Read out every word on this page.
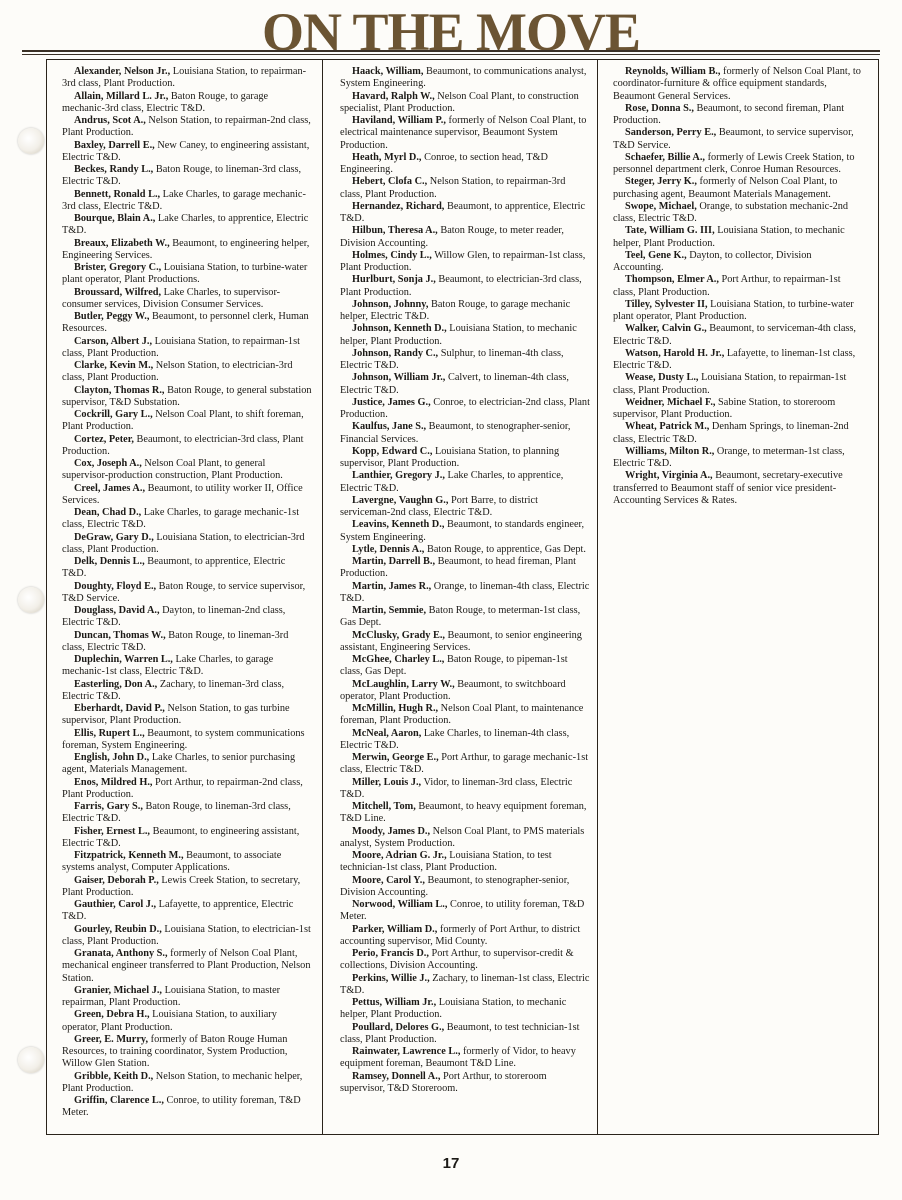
ON THE MOVE

Alexander, Nelson Jr., Louisiana Station, to repairman-3rd class, Plant Production.

Allain, Millard L. Jr., Baton Rouge, to garage mechanic-3rd class, Electric T&D.

Andrus, Scot A., Nelson Station, to repairman-2nd class, Plant Production.

Baxley, Darrell E., New Caney, to engineering assistant, Electric T&D.

Beckes, Randy L., Baton Rouge, to lineman-3rd class, Electric T&D.

Bennett, Ronald L., Lake Charles, to garage mechanic-3rd class, Electric T&D.

Bourque, Blain A., Lake Charles, to apprentice, Electric T&D.

Breaux, Elizabeth W., Beaumont, to engineering helper, Engineering Services.

Brister, Gregory C., Louisiana Station, to turbine-water plant operator, Plant Productions.

Broussard, Wilfred, Lake Charles, to supervisor-consumer services, Division Consumer Services.

Butler, Peggy W., Beaumont, to personnel clerk, Human Resources.

Carson, Albert J., Louisiana Station, to repairman-1st class, Plant Production.

Clarke, Kevin M., Nelson Station, to electrician-3rd class, Plant Production.

Clayton, Thomas R., Baton Rouge, to general substation supervisor, T&D Substation.

Cockrill, Gary L., Nelson Coal Plant, to shift foreman, Plant Production.

Cortez, Peter, Beaumont, to electrician-3rd class, Plant Production.

Cox, Joseph A., Nelson Coal Plant, to general supervisor-production construction, Plant Production.

Creel, James A., Beaumont, to utility worker II, Office Services.

Dean, Chad D., Lake Charles, to garage mechanic-1st class, Electric T&D.

DeGraw, Gary D., Louisiana Station, to electrician-3rd class, Plant Production.

Delk, Dennis L., Beaumont, to apprentice, Electric T&D.

Doughty, Floyd E., Baton Rouge, to service supervisor, T&D Service.

Douglass, David A., Dayton, to lineman-2nd class, Electric T&D.

Duncan, Thomas W., Baton Rouge, to lineman-3rd class, Electric T&D.

Duplechin, Warren L., Lake Charles, to garage mechanic-1st class, Electric T&D.

Easterling, Don A., Zachary, to lineman-3rd class, Electric T&D.

Eberhardt, David P., Nelson Station, to gas turbine supervisor, Plant Production.

Ellis, Rupert L., Beaumont, to system communications foreman, System Engineering.

English, John D., Lake Charles, to senior purchasing agent, Materials Management.

Enos, Mildred H., Port Arthur, to repairman-2nd class, Plant Production.

Farris, Gary S., Baton Rouge, to lineman-3rd class, Electric T&D.

Fisher, Ernest L., Beaumont, to engineering assistant, Electric T&D.

Fitzpatrick, Kenneth M., Beaumont, to associate systems analyst, Computer Applications.

Gaiser, Deborah P., Lewis Creek Station, to secretary, Plant Production.

Gauthier, Carol J., Lafayette, to apprentice, Electric T&D.

Gourley, Reubin D., Louisiana Station, to electrician-1st class, Plant Production.

Granata, Anthony S., formerly of Nelson Coal Plant, mechanical engineer transferred to Plant Production, Nelson Station.

Granier, Michael J., Louisiana Station, to master repairman, Plant Production.

Green, Debra H., Louisiana Station, to auxiliary operator, Plant Production.

Greer, E. Murry, formerly of Baton Rouge Human Resources, to training coordinator, System Production, Willow Glen Station.

Gribble, Keith D., Nelson Station, to mechanic helper, Plant Production.

Griffin, Clarence L., Conroe, to utility foreman, T&D Meter.

Haack, William, Beaumont, to communications analyst, System Engineering.

Havard, Ralph W., Nelson Coal Plant, to construction specialist, Plant Production.

Haviland, William P., formerly of Nelson Coal Plant, to electrical maintenance supervisor, Beaumont System Production.

Heath, Myrl D., Conroe, to section head, T&D Engineering.

Hebert, Clofa C., Nelson Station, to repairman-3rd class, Plant Production.

Hernandez, Richard, Beaumont, to apprentice, Electric T&D.

Hilbun, Theresa A., Baton Rouge, to meter reader, Division Accounting.

Holmes, Cindy L., Willow Glen, to repairman-1st class, Plant Production.

Hurlburt, Sonja J., Beaumont, to electrician-3rd class, Plant Production.

Johnson, Johnny, Baton Rouge, to garage mechanic helper, Electric T&D.

Johnson, Kenneth D., Louisiana Station, to mechanic helper, Plant Production.

Johnson, Randy C., Sulphur, to lineman-4th class, Electric T&D.

Johnson, William Jr., Calvert, to lineman-4th class, Electric T&D.

Justice, James G., Conroe, to electrician-2nd class, Plant Production.

Kaulfus, Jane S., Beaumont, to stenographer-senior, Financial Services.

Kopp, Edward C., Louisiana Station, to planning supervisor, Plant Production.

Lanthier, Gregory J., Lake Charles, to apprentice, Electric T&D.

Lavergne, Vaughn G., Port Barre, to district serviceman-2nd class, Electric T&D.

Leavins, Kenneth D., Beaumont, to standards engineer, System Engineering.

Lytle, Dennis A., Baton Rouge, to apprentice, Gas Dept.

Martin, Darrell B., Beaumont, to head fireman, Plant Production.

Martin, James R., Orange, to lineman-4th class, Electric T&D.

Martin, Semmie, Baton Rouge, to meterman-1st class, Gas Dept.

McClusky, Grady E., Beaumont, to senior engineering assistant, Engineering Services.

McGhee, Charley L., Baton Rouge, to pipeman-1st class, Gas Dept.

McLaughlin, Larry W., Beaumont, to switchboard operator, Plant Production.

McMillin, Hugh R., Nelson Coal Plant, to maintenance foreman, Plant Production.

McNeal, Aaron, Lake Charles, to lineman-4th class, Electric T&D.

Merwin, George E., Port Arthur, to garage mechanic-1st class, Electric T&D.

Miller, Louis J., Vidor, to lineman-3rd class, Electric T&D.

Mitchell, Tom, Beaumont, to heavy equipment foreman, T&D Line.

Moody, James D., Nelson Coal Plant, to PMS materials analyst, System Production.

Moore, Adrian G. Jr., Louisiana Station, to test technician-1st class, Plant Production.

Moore, Carol Y., Beaumont, to stenographer-senior, Division Accounting.

Norwood, William L., Conroe, to utility foreman, T&D Meter.

Parker, William D., formerly of Port Arthur, to district accounting supervisor, Mid County.

Perio, Francis D., Port Arthur, to supervisor-credit & collections, Division Accounting.

Perkins, Willie J., Zachary, to lineman-1st class, Electric T&D.

Pettus, William Jr., Louisiana Station, to mechanic helper, Plant Production.

Poullard, Delores G., Beaumont, to test technician-1st class, Plant Production.

Rainwater, Lawrence L., formerly of Vidor, to heavy equipment foreman, Beaumont T&D Line.

Ramsey, Donnell A., Port Arthur, to storeroom supervisor, T&D Storeroom.

Reynolds, William B., formerly of Nelson Coal Plant, to coordinator-furniture & office equipment standards, Beaumont General Services.

Rose, Donna S., Beaumont, to second fireman, Plant Production.

Sanderson, Perry E., Beaumont, to service supervisor, T&D Service.

Schaefer, Billie A., formerly of Lewis Creek Station, to personnel department clerk, Conroe Human Resources.

Steger, Jerry K., formerly of Nelson Coal Plant, to purchasing agent, Beaumont Materials Management.

Swope, Michael, Orange, to substation mechanic-2nd class, Electric T&D.

Tate, William G. III, Louisiana Station, to mechanic helper, Plant Production.

Teel, Gene K., Dayton, to collector, Division Accounting.

Thompson, Elmer A., Port Arthur, to repairman-1st class, Plant Production.

Tilley, Sylvester II, Louisiana Station, to turbine-water plant operator, Plant Production.

Walker, Calvin G., Beaumont, to serviceman-4th class, Electric T&D.

Watson, Harold H. Jr., Lafayette, to lineman-1st class, Electric T&D.

Wease, Dusty L., Louisiana Station, to repairman-1st class, Plant Production.

Weidner, Michael F., Sabine Station, to storeroom supervisor, Plant Production.

Wheat, Patrick M., Denham Springs, to lineman-2nd class, Electric T&D.

Williams, Milton R., Orange, to meterman-1st class, Electric T&D.

Wright, Virginia A., Beaumont, secretary-executive transferred to Beaumont staff of senior vice president-Accounting Services & Rates.

17
